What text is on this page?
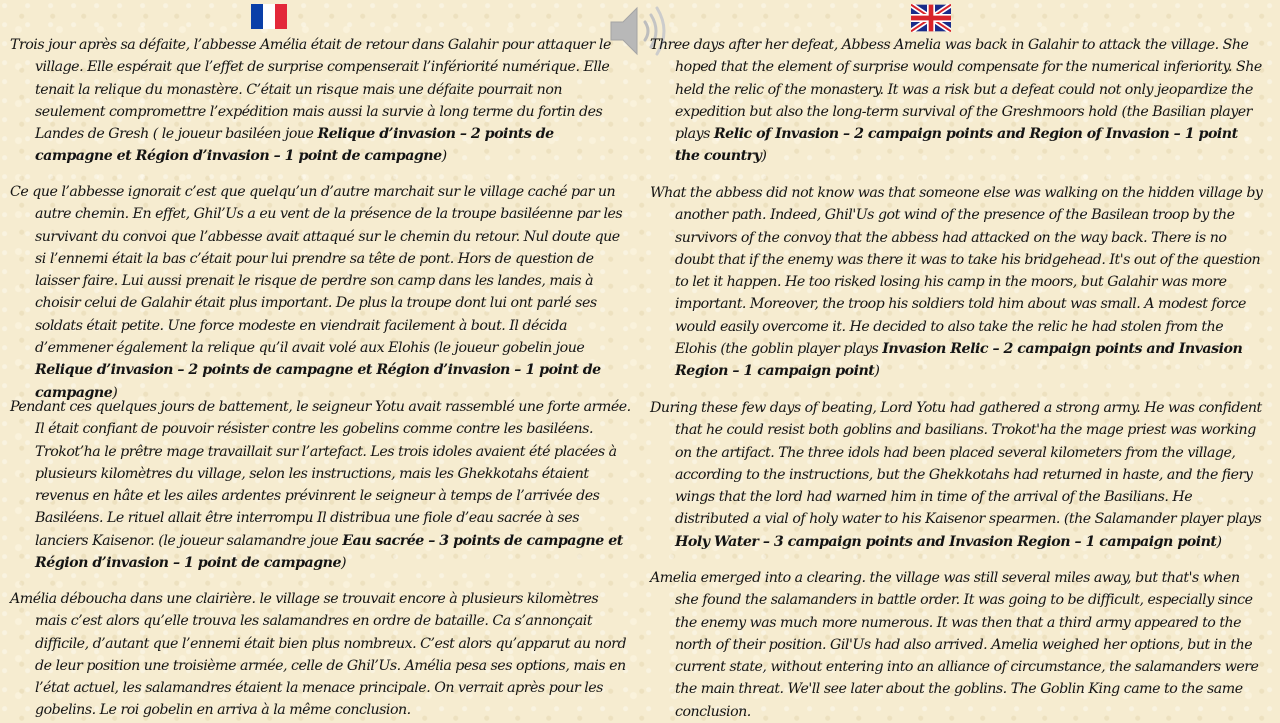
Trois jour après sa défaite, l’abbesse Amélia était de retour dans Galahir pour attaquer le village. Elle espérait que l’effet de surprise compenserait l’infériorité numérique. Elle tenait la relique du monastère. C’était un risque mais une défaite pourrait non seulement compromettre l’expédition mais aussi la survie à long terme du fortin des Landes de Gresh ( le joueur basiléen joue Relique d’invasion – 2 points de campagne et Région d’invasion – 1 point de campagne)

Ce que l’abbesse ignorait c’est que quelqu’un d’autre marchait sur le village caché par un autre chemin. En effet, Ghil’Us a eu vent de la présence de la troupe basiléenne par les survivant du convoi que l’abbesse avait attaqué sur le chemin du retour. Nul doute que si l’ennemi était la bas c’était pour lui prendre sa tête de pont. Hors de question de laisser faire. Lui aussi prenait le risque de perdre son camp dans les landes, mais à choisir celui de Galahir était plus important. De plus la troupe dont lui ont parlé ses soldats était petite. Une force modeste en viendrait facilement à bout. Il décida d’emmener également la relique qu’il avait volé aux Elohis (le joueur gobelin joue Relique d’invasion – 2 points de campagne et Région d’invasion – 1 point de campagne)

Pendant ces quelques jours de battement, le seigneur Yotu avait rassemblé une forte armée. Il était confiant de pouvoir résister contre les gobelins comme contre les basiléens. Trokot’ha le prêtre mage travaillait sur l’artefact. Les trois idoles avaient été placées à plusieurs kilomètres du village, selon les instructions, mais les Ghekkotahs étaient revenus en hâte et les ailes ardentes prévinrent le seigneur à temps de l’arrivée des Basiléens. Le rituel allait être interrompu Il distribua une fiole d’eau sacrée à ses lanciers Kaisenor. (le joueur salamandre joue Eau sacrée – 3 points de campagne et Région d’invasion – 1 point de campagne)

Amélia déboucha dans une clairière. le village se trouvait encore à plusieurs kilomètres mais c’est alors qu’elle trouva les salamandres en ordre de bataille. Ca s’annonçait difficile, d’autant que l’ennemi était bien plus nombreux. C’est alors qu’apparut au nord de leur position une troisième armée, celle de Ghil’Us. Amélia pesa ses options, mais en l’état actuel, les salamandres étaient la menace principale. On verrait après pour les gobelins. Le roi gobelin en arriva à la même conclusion.

Three days after her defeat, Abbess Amelia was back in Galahir to attack the village. She hoped that the element of surprise would compensate for the numerical inferiority. She held the relic of the monastery. It was a risk but a defeat could not only jeopardize the expedition but also the long-term survival of the Greshmoors hold (the Basilian player plays Relic of Invasion – 2 campaign points and Region of Invasion – 1 point the country)

What the abbess did not know was that someone else was walking on the hidden village by another path. Indeed, Ghil'Us got wind of the presence of the Basilean troop by the survivors of the convoy that the abbess had attacked on the way back. There is no doubt that if the enemy was there it was to take his bridgehead. It's out of the question to let it happen. He too risked losing his camp in the moors, but Galahir was more important. Moreover, the troop his soldiers told him about was small. A modest force would easily overcome it. He decided to also take the relic he had stolen from the Elohis (the goblin player plays Invasion Relic – 2 campaign points and Invasion Region – 1 campaign point)

During these few days of beating, Lord Yotu had gathered a strong army. He was confident that he could resist both goblins and basilians. Trokot'ha the mage priest was working on the artifact. The three idols had been placed several kilometers from the village, according to the instructions, but the Ghekkotahs had returned in haste, and the fiery wings that the lord had warned him in time of the arrival of the Basilians. He distributed a vial of holy water to his Kaisenor spearmen. (the Salamander player plays Holy Water – 3 campaign points and Invasion Region – 1 campaign point)

Amelia emerged into a clearing. the village was still several miles away, but that's when she found the salamanders in battle order. It was going to be difficult, especially since the enemy was much more numerous. It was then that a third army appeared to the north of their position. Gil'Us had also arrived. Amelia weighed her options, but in the current state, without entering into an alliance of circumstance, the salamanders were the main threat. We'll see later about the goblins. The Goblin King came to the same conclusion.
